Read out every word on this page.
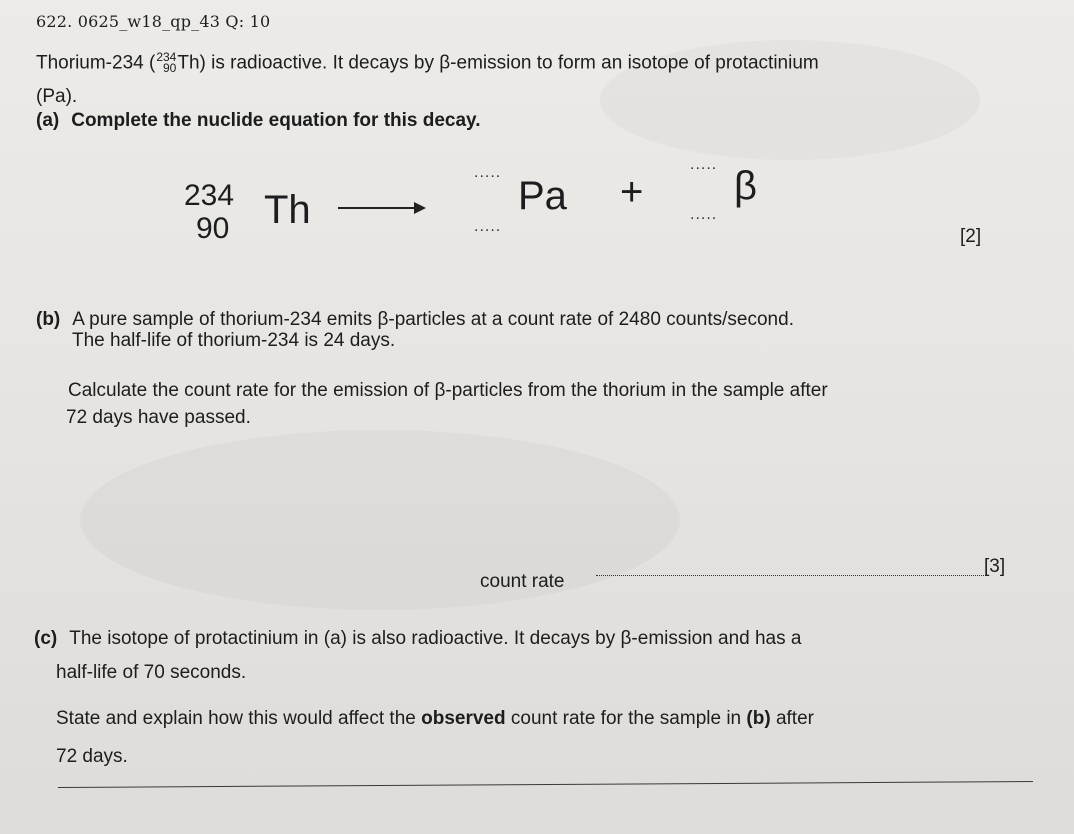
622. 0625_w18_qp_43 Q: 10
Thorium-234 ( 234
90 Th) is radioactive. It decays by β-emission to form an isotope of protactinium
(Pa).
(a) Complete the nuclide equation for this decay.
234
90 Th
.....
.....
Pa +
.....
.....
β
[2]
(b) A pure sample of thorium-234 emits β-particles at a count rate of 2480 counts/second.
The half-life of thorium-234 is 24 days.
Calculate the count rate for the emission of β-particles from the thorium in the sample after
72 days have passed.
count rate
[3]
(c) The isotope of protactinium in (a) is also radioactive. It decays by β-emission and has a
half-life of 70 seconds.
State and explain how this would affect the observed count rate for the sample in (b) after
72 days.
